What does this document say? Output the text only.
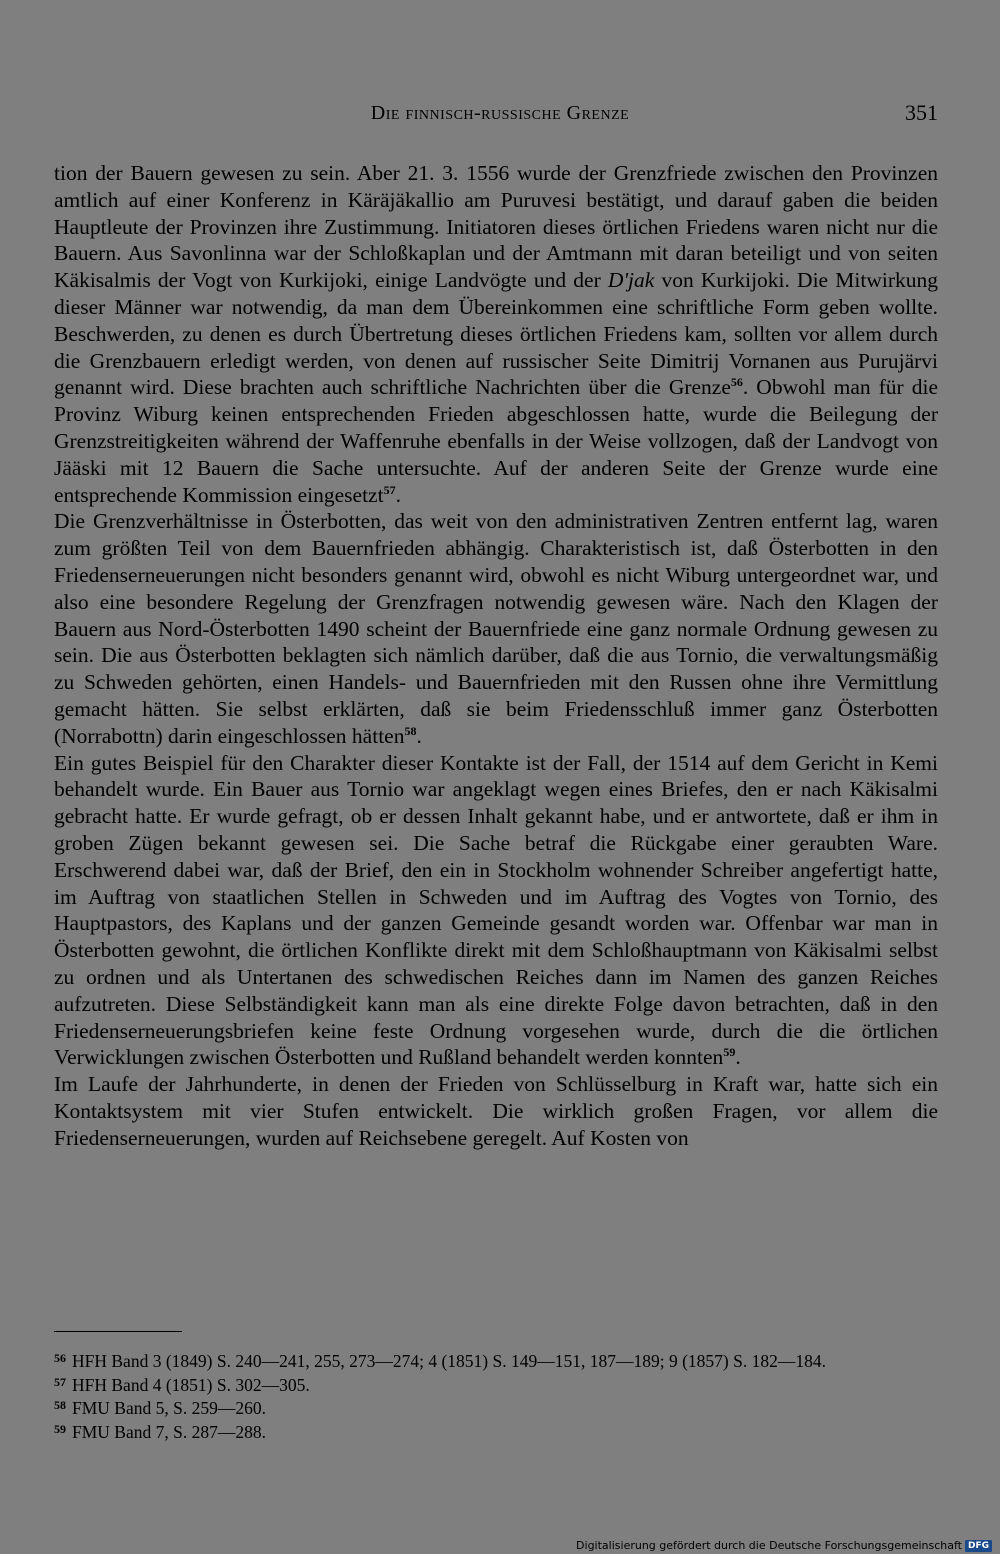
Die finnisch-russische Grenze	351

tion der Bauern gewesen zu sein. Aber 21. 3. 1556 wurde der Grenzfriede zwischen den Provinzen amtlich auf einer Konferenz in Käräjäkallio am Puruvesi bestätigt, und darauf gaben die beiden Hauptleute der Provinzen ihre Zustimmung. Initiatoren dieses örtlichen Friedens waren nicht nur die Bauern. Aus Savonlinna war der Schloßkaplan und der Amtmann mit daran beteiligt und von seiten Käkisalmis der Vogt von Kurkijoki, einige Landvögte und der D'jak von Kurkijoki. Die Mitwirkung dieser Männer war notwendig, da man dem Übereinkommen eine schriftliche Form geben wollte. Beschwerden, zu denen es durch Übertretung dieses örtlichen Friedens kam, sollten vor allem durch die Grenzbauern erledigt werden, von denen auf russischer Seite Dimitrij Vornanen aus Purujärvi genannt wird. Diese brachten auch schriftliche Nachrichten über die Grenze$^{56}$. Obwohl man für die Provinz Wiburg keinen entsprechenden Frieden abgeschlossen hatte, wurde die Beilegung der Grenzstreitigkeiten während der Waffenruhe ebenfalls in der Weise vollzogen, daß der Landvogt von Jääski mit 12 Bauern die Sache untersuchte. Auf der anderen Seite der Grenze wurde eine entsprechende Kommission eingesetzt$^{57}$.

Die Grenzverhältnisse in Österbotten, das weit von den administrativen Zentren entfernt lag, waren zum größten Teil von dem Bauernfrieden abhängig. Charakteristisch ist, daß Österbotten in den Friedenserneuerungen nicht besonders genannt wird, obwohl es nicht Wiburg untergeordnet war, und also eine besondere Regelung der Grenzfragen notwendig gewesen wäre. Nach den Klagen der Bauern aus Nord-Österbotten 1490 scheint der Bauernfriede eine ganz normale Ordnung gewesen zu sein. Die aus Österbotten beklagten sich nämlich darüber, daß die aus Tornio, die verwaltungsmäßig zu Schweden gehörten, einen Handels- und Bauernfrieden mit den Russen ohne ihre Vermittlung gemacht hätten. Sie selbst erklärten, daß sie beim Friedensschluß immer ganz Österbotten (Norrabottn) darin eingeschlossen hätten$^{58}$.

Ein gutes Beispiel für den Charakter dieser Kontakte ist der Fall, der 1514 auf dem Gericht in Kemi behandelt wurde. Ein Bauer aus Tornio war angeklagt wegen eines Briefes, den er nach Käkisalmi gebracht hatte. Er wurde gefragt, ob er dessen Inhalt gekannt habe, und er antwortete, daß er ihm in groben Zügen bekannt gewesen sei. Die Sache betraf die Rückgabe einer geraubten Ware. Erschwerend dabei war, daß der Brief, den ein in Stockholm wohnender Schreiber angefertigt hatte, im Auftrag von staatlichen Stellen in Schweden und im Auftrag des Vogtes von Tornio, des Hauptpastors, des Kaplans und der ganzen Gemeinde gesandt worden war. Offenbar war man in Österbotten gewohnt, die örtlichen Konflikte direkt mit dem Schloßhauptmann von Käkisalmi selbst zu ordnen und als Untertanen des schwedischen Reiches dann im Namen des ganzen Reiches aufzutreten. Diese Selbständigkeit kann man als eine direkte Folge davon betrachten, daß in den Friedenserneuerungsbriefen keine feste Ordnung vorgesehen wurde, durch die die örtlichen Verwicklungen zwischen Österbotten und Rußland behandelt werden konnten$^{59}$.

Im Laufe der Jahrhunderte, in denen der Frieden von Schlüsselburg in Kraft war, hatte sich ein Kontaktsystem mit vier Stufen entwickelt. Die wirklich großen Fragen, vor allem die Friedenserneuerungen, wurden auf Reichsebene geregelt. Auf Kosten von

$^{56}$ HFH Band 3 (1849) S. 240—241, 255, 273—274; 4 (1851) S. 149—151, 187—189; 9 (1857) S. 182—184.
$^{57}$ HFH Band 4 (1851) S. 302—305.
$^{58}$ FMU Band 5, S. 259—260.
$^{59}$ FMU Band 7, S. 287—288.
Digitalisierung gefördert durch die Deutsche Forschungsgemeinschaft DFG
